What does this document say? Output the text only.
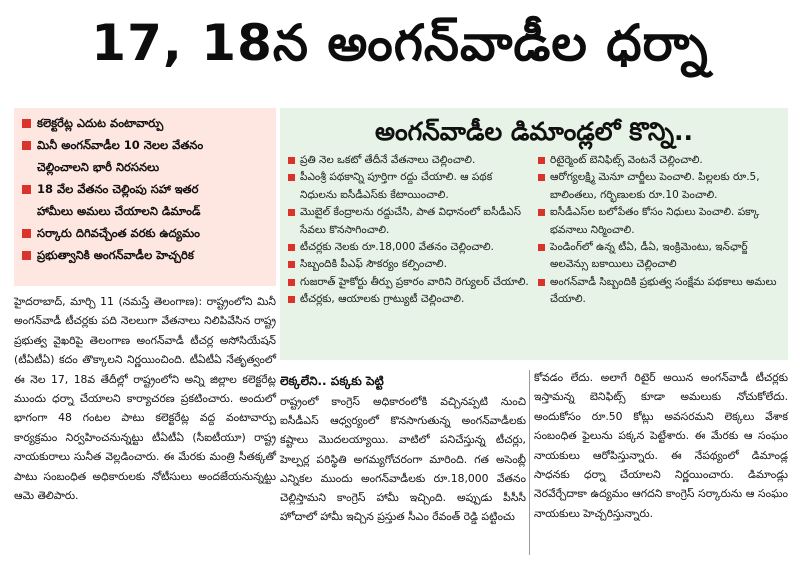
17, 18న అంగన్‌వాడీల ధర్నా
కలెక్టరేట్ల ఎదుట వంటావార్పు
మినీ అంగన్‌వాడీల 10 నెలల వేతనం
చెల్లించాలని భారీ నిరసనలు
18 వేల వేతనం చెల్లింపు సహా ఇతర
హామీలు అమలు చేయాలని డిమాండ్
సర్కారు దిగివచ్చేంత వరకు ఉద్యమం
ప్రభుత్వానికి అంగన్‌వాడీల హెచ్చరిక
అంగన్‌వాడీల డిమాండ్లలో కొన్ని..
ప్రతి నెల ఒకటో తేదీనే వేతనాలు చెల్లించాలి.
పీఎంశ్రీ పథకాన్ని పూర్తిగా రద్దు చేయాలి. ఆ పథక నిధులను ఐసీడీఎస్‌కు కేటాయించాలి.
మొబైల్ కేంద్రాలను రద్దుచేసి, పాత విధానంలో ఐసీడీఎస్ సేవలు కొనసాగించాలి.
టీచర్లకు నెలకు రూ.18,000 వేతనం చెల్లించాలి.
సిబ్బందికి పీఎఫ్ సౌకర్యం కల్పించాలి.
గుజరాత్ హైకోర్టు తీర్పు ప్రకారం వారిని రెగ్యులర్ చేయాలి.
టీచర్లకు, ఆయాలకు గ్రాట్యుటీ చెల్లించాలి.
రిటైర్మెంట్ బెనిఫిట్స్ వెంటనే చెల్లించాలి.
ఆరోగ్యలక్ష్మి మెనూ చార్జీలు పెంచాలి. పిల్లలకు రూ.5, బాలింతలు, గర్భిణులకు రూ.10 పెంచాలి.
ఐసీడీఎస్‌ల బలోపేతం కోసం నిధులు పెంచాలి. పక్కా భవనాలు నిర్మించాలి.
పెండింగ్‌లో ఉన్న టీఏ, డీఏ, ఇంక్రిమెంటు, ఇన్‌ఛార్జ్ అలవెన్సు బకాయిలు చెల్లించాలి
అంగన్‌వాడీ సిబ్బందికి ప్రభుత్వ సంక్షేమ పథకాలు అమలు చేయాలి.

హైదరాబాద్, మార్చి 11 (నమస్తే తెలంగాణ): రాష్ట్రంలోని మినీ అంగన్‌వాడీ టీచర్లకు పది నెలలుగా వేతనాలు నిలిపివేసిన రాష్ట్ర ప్రభుత్వ వైఖరిపై తెలంగాణ అంగన్‌వాడీ టీచర్ల అసోసియేషన్ (టీఏటీఏ) కదం తొక్కాలని నిర్ణయించింది. టీఏటీఏ నేతృత్వంలో ఈ నెల 17, 18వ తేదీల్లో రాష్ట్రంలోని అన్ని జిల్లాల కలెక్టరేట్ల ముందు ధర్నా చేయాలని కార్యాచరణ ప్రకటించారు. అందులో భాగంగా 48 గంటల పాటు కలెక్టరేట్ల వద్ద వంటావార్పు కార్యక్రమం నిర్వహించనున్నట్టు టీఏటీఏ (సీఐటీయూ) రాష్ట్ర నాయకురాలు సునీత వెల్లడించారు. ఈ మేరకు మంత్రి సీతక్కతో పాటు సంబంధిత అధికారులకు నోటీసులు అందజేయనున్నట్టు ఆమె తెలిపారు.

లెక్కలేని.. పక్కకు పెట్టి

రాష్ట్రంలో కాంగ్రెస్ అధికారంలోకి వచ్చినప్పటి నుంచి ఐసీడీఎస్ ఆధ్వర్యంలో కొనసాగుతున్న అంగన్‌వాడీలకు కష్టాలు మొదలయ్యాయి. వాటిలో పనిచేస్తున్న టీచర్లు, హెల్పర్ల పరిస్థితి అగమ్యగోచరంగా మారింది. గత అసెంబ్లీ ఎన్నికల ముందు అంగన్‌వాడీలకు రూ.18,000 వేతనం చెల్లిస్తామని కాంగ్రెస్ హామీ ఇచ్చింది. అప్పుడు పీసీసీ హోదాలో హామీ ఇచ్చిన ప్రస్తుత సీఎం రేవంత్ రెడ్డి పట్టించు

కోవడం లేదు. అలాగే రిటైర్ అయిన అంగన్‌వాడీ టీచర్లకు ఇస్తామన్న బెనిఫిట్స్ కూడా అమలుకు నోచుకోలేదు. అందుకోసం రూ.50 కోట్లు అవసరమని లెక్కలు వేశాక సంబంధిత ఫైలును పక్కన పెట్టేశారు. ఈ మేరకు ఆ సంఘం నాయకులు ఆరోపిస్తున్నారు. ఈ నేపథ్యంలో డిమాండ్ల సాధనకు ధర్నా చేయాలని నిర్ణయించారు. డిమాండ్లు నెరవేర్చేదాకా ఉద్యమం ఆగదని కాంగ్రెస్ సర్కారును ఆ సంఘం నాయకులు హెచ్చరిస్తున్నారు.
